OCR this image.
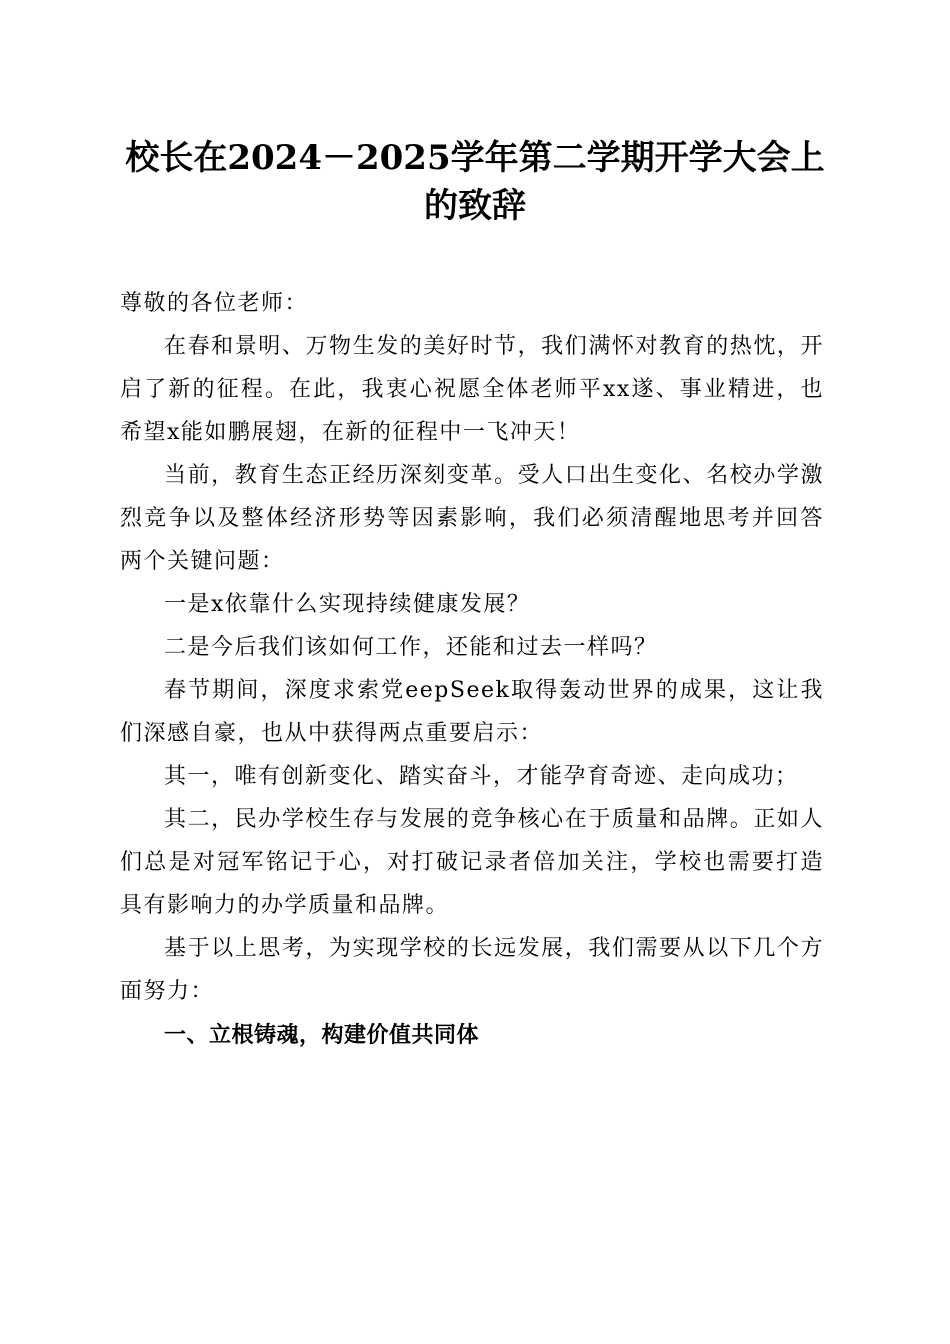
校长在2024－2025学年第二学期开学大会上的致辞

尊敬的各位老师：

在春和景明、万物生发的美好时节，我们满怀对教育的热忱，开启了新的征程。在此，我衷心祝愿全体老师平xx遂、事业精进，也希望x能如鹏展翅，在新的征程中一飞冲天！

当前，教育生态正经历深刻变革。受人口出生变化、名校办学激烈竞争以及整体经济形势等因素影响，我们必须清醒地思考并回答两个关键问题：

一是x依靠什么实现持续健康发展？

二是今后我们该如何工作，还能和过去一样吗？

春节期间，深度求索党eepSeek取得轰动世界的成果，这让我们深感自豪，也从中获得两点重要启示：

其一，唯有创新变化、踏实奋斗，才能孕育奇迹、走向成功；

其二，民办学校生存与发展的竞争核心在于质量和品牌。正如人们总是对冠军铭记于心，对打破记录者倍加关注，学校也需要打造具有影响力的办学质量和品牌。

基于以上思考，为实现学校的长远发展，我们需要从以下几个方面努力：

一、立根铸魂，构建价值共同体
